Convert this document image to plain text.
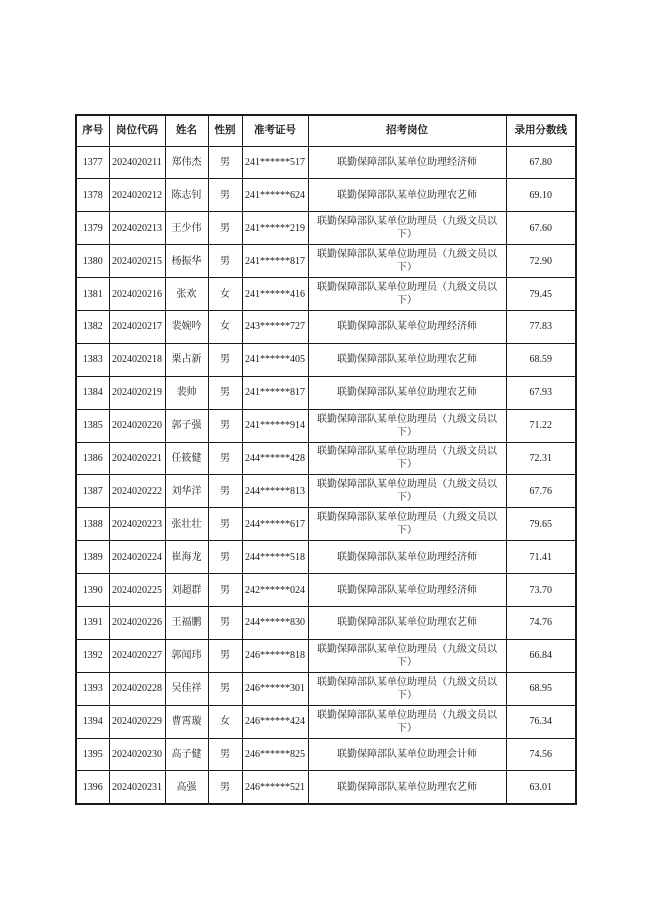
序号	岗位代码	姓名	性别	准考证号	招考岗位	录用分数线
1377	2024020211	郑伟杰	男	241******517	联勤保障部队某单位助理经济师	67.80
1378	2024020212	陈志钊	男	241******624	联勤保障部队某单位助理农艺师	69.10
1379	2024020213	王少伟	男	241******219	联勤保障部队某单位助理员（九级文员以下）	67.60
1380	2024020215	杨振华	男	241******817	联勤保障部队某单位助理员（九级文员以下）	72.90
1381	2024020216	张欢	女	241******416	联勤保障部队某单位助理员（九级文员以下）	79.45
1382	2024020217	裴婉吟	女	243******727	联勤保障部队某单位助理经济师	77.83
1383	2024020218	栗占新	男	241******405	联勤保障部队某单位助理农艺师	68.59
1384	2024020219	裴帅	男	241******817	联勤保障部队某单位助理农艺师	67.93
1385	2024020220	郭子强	男	241******914	联勤保障部队某单位助理员（九级文员以下）	71.22
1386	2024020221	任筱健	男	244******428	联勤保障部队某单位助理员（九级文员以下）	72.31
1387	2024020222	刘华洋	男	244******813	联勤保障部队某单位助理员（九级文员以下）	67.76
1388	2024020223	张壮壮	男	244******617	联勤保障部队某单位助理员（九级文员以下）	79.65
1389	2024020224	崔海龙	男	244******518	联勤保障部队某单位助理经济师	71.41
1390	2024020225	刘超群	男	242******024	联勤保障部队某单位助理经济师	73.70
1391	2024020226	王福鹏	男	244******830	联勤保障部队某单位助理农艺师	74.76
1392	2024020227	郭闻玮	男	246******818	联勤保障部队某单位助理员（九级文员以下）	66.84
1393	2024020228	吴佳祥	男	246******301	联勤保障部队某单位助理员（九级文员以下）	68.95
1394	2024020229	曹霄璇	女	246******424	联勤保障部队某单位助理员（九级文员以下）	76.34
1395	2024020230	高子健	男	246******825	联勤保障部队某单位助理会计师	74.56
1396	2024020231	高强	男	246******521	联勤保障部队某单位助理农艺师	63.01
